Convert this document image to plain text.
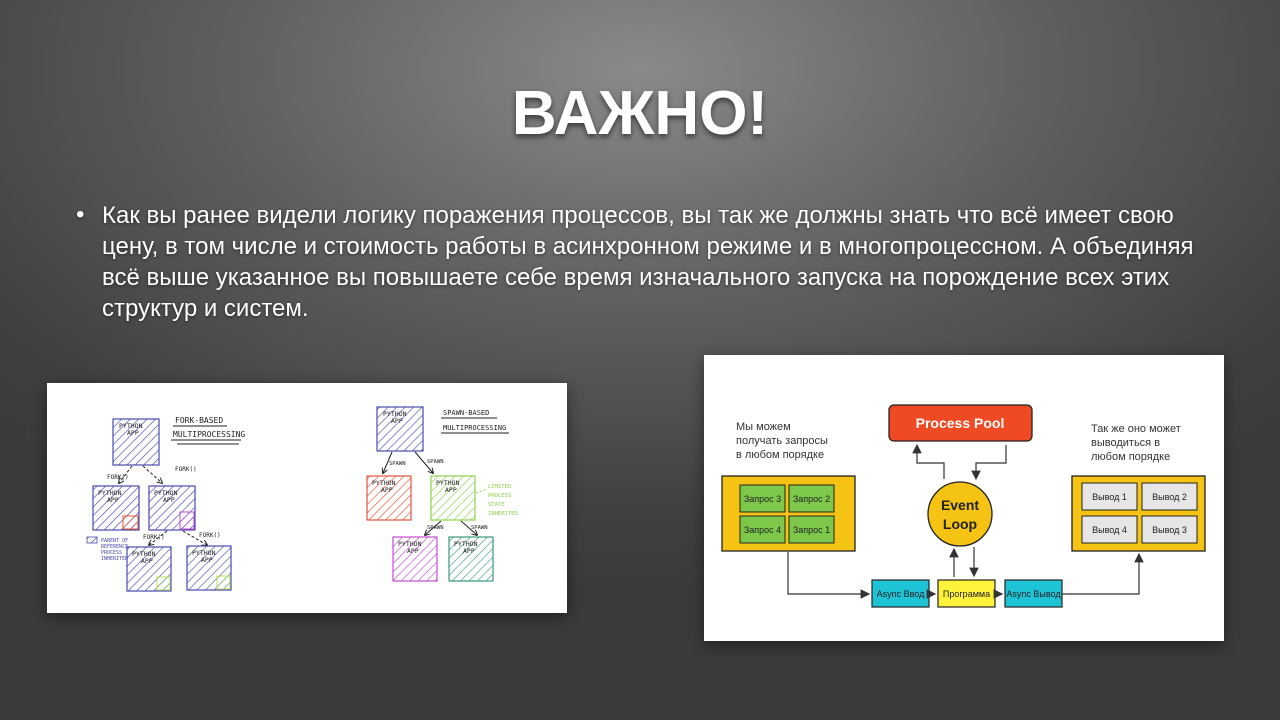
ВАЖНО!
• Как вы ранее видели логику поражения процессов, вы так же должны знать что всё имеет свою цену, в том числе и стоимость работы в асинхронном режиме и в многопроцессном. А объединяя всё выше указанное вы повышаете себе время изначального запуска на порождение всех этих структур и систем.
FORK-BASED
MULTIPROCESSING
PYTHON
APP
FORK()
FORK()
PYTHON
APP
PYTHON
APP
FORK()	FORK()
PYTHON
APP
PYTHON
APP
PARENT OF
REFERENCE
PROCESS
INHERITED
SPAWN-BASED
MULTIPROCESSING
PYTHON
APP
SPAWN	SPAWN
PYTHON
APP
PYTHON
APP	LIMITED
PROCESS
STATE
INHERITED
SPAWN	SPAWN
PYTHON
APP
PYTHON
APP
Мы можем
получать запросы
в любом порядке
Так же оно может
выводиться в
любом порядке
Process Pool
Event
Loop
Запрос 3 Запрос 2
Запрос 4 Запрос 1
Вывод 1	Вывод 2
Вывод 4	Вывод 3
Async Ввод Программа Async Вывод
